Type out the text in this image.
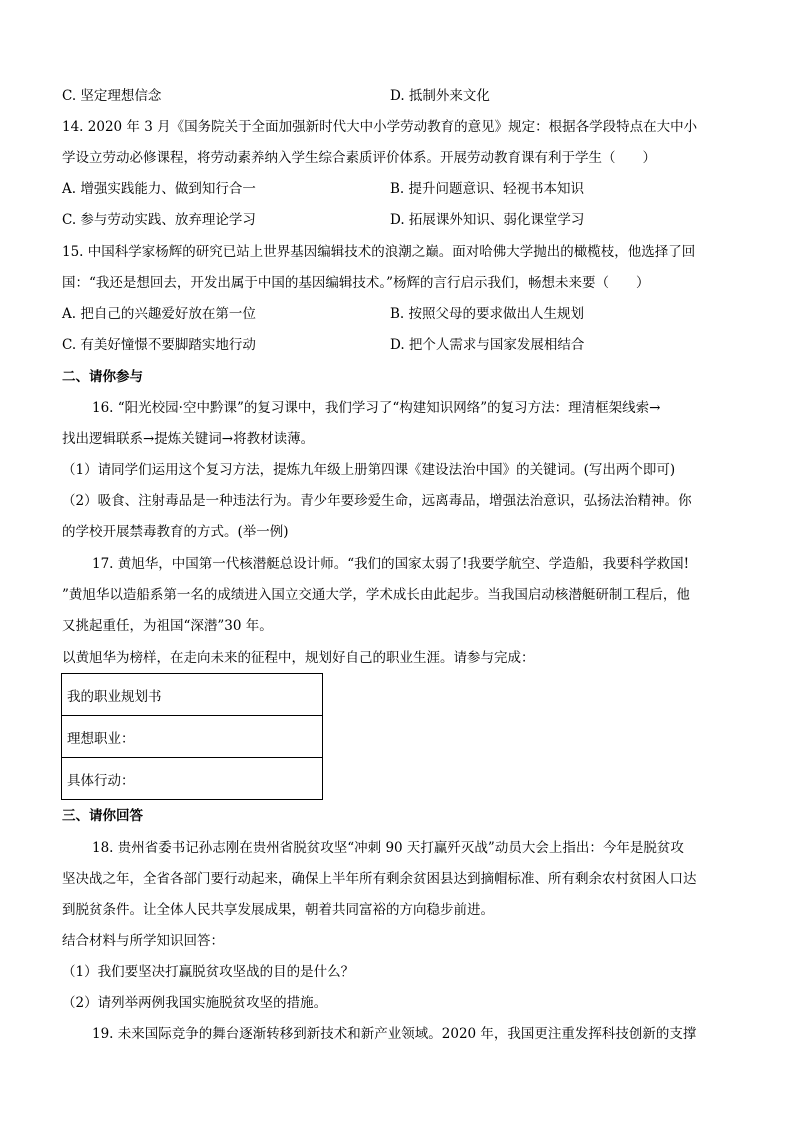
C. 坚定理想信念	D. 抵制外来文化
14. 2020 年 3 月《国务院关于全面加强新时代大中小学劳动教育的意见》规定：根据各学段特点在大中小
学设立劳动必修课程，将劳动素养纳入学生综合素质评价体系。开展劳动教育课有利于学生（　　）
A. 增强实践能力、做到知行合一	B. 提升问题意识、轻视书本知识
C. 参与劳动实践、放弃理论学习	D. 拓展课外知识、弱化课堂学习
15. 中国科学家杨辉的研究已站上世界基因编辑技术的浪潮之巅。面对哈佛大学抛出的橄榄枝，他选择了回
国：“我还是想回去，开发出属于中国的基因编辑技术。”杨辉的言行启示我们，畅想未来要（　　）
A. 把自己的兴趣爱好放在第一位	B. 按照父母的要求做出人生规划
C. 有美好憧憬不要脚踏实地行动	D. 把个人需求与国家发展相结合
二、请你参与
16. “阳光校园·空中黔课”的复习课中，我们学习了“构建知识网络”的复习方法：理清框架线索→
找出逻辑联系→提炼关键词→将教材读薄。
（1）请同学们运用这个复习方法，提炼九年级上册第四课《建设法治中国》的关键词。(写出两个即可)
（2）吸食、注射毒品是一种违法行为。青少年要珍爱生命，远离毒品，增强法治意识，弘扬法治精神。你
的学校开展禁毒教育的方式。(举一例)
17. 黄旭华，中国第一代核潜艇总设计师。“我们的国家太弱了!我要学航空、学造船，我要科学救国!
”黄旭华以造船系第一名的成绩进入国立交通大学，学术成长由此起步。当我国启动核潜艇研制工程后，他
又挑起重任，为祖国“深潜”30 年。
以黄旭华为榜样，在走向未来的征程中，规划好自己的职业生涯。请参与完成：
我的职业规划书
理想职业：
具体行动：
三、请你回答
18. 贵州省委书记孙志刚在贵州省脱贫攻坚“冲刺 90 天打赢歼灭战”动员大会上指出：今年是脱贫攻
坚决战之年，全省各部门要行动起来，确保上半年所有剩余贫困县达到摘帽标准、所有剩余农村贫困人口达
到脱贫条件。让全体人民共享发展成果，朝着共同富裕的方向稳步前进。
结合材料与所学知识回答：
（1）我们要坚决打赢脱贫攻坚战的目的是什么？
（2）请列举两例我国实施脱贫攻坚的措施。
19. 未来国际竞争的舞台逐渐转移到新技术和新产业领域。2020 年，我国更注重发挥科技创新的支撑
